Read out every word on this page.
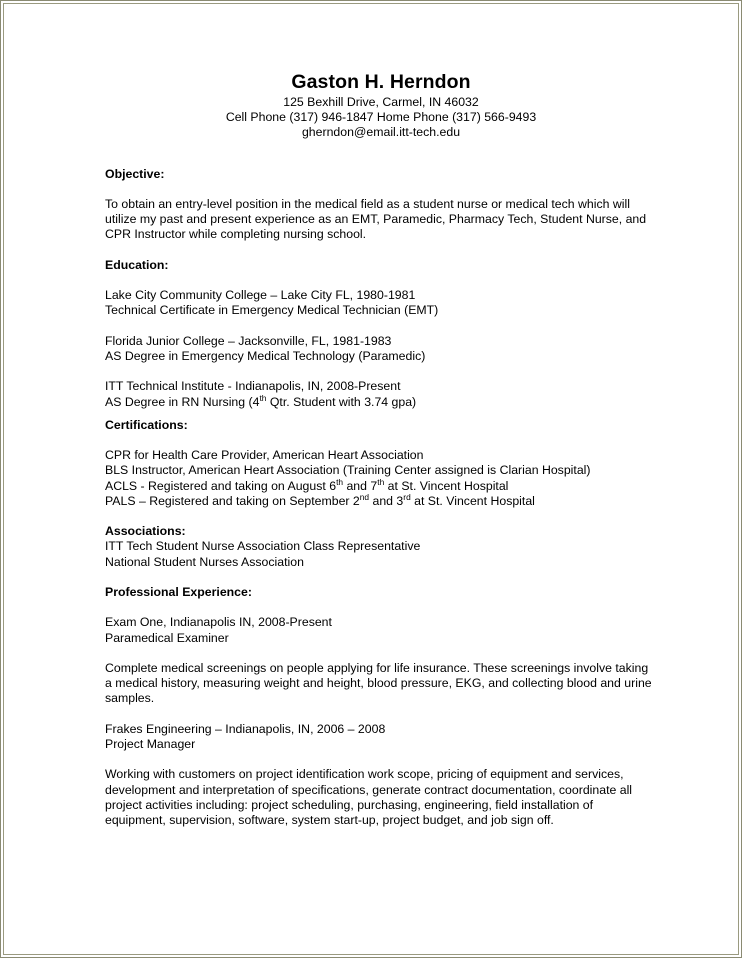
Gaston H. Herndon
125 Bexhill Drive, Carmel, IN 46032
Cell Phone (317) 946-1847 Home Phone (317) 566-9493
gherndon@email.itt-tech.edu
Objective:
To obtain an entry-level position in the medical field as a student nurse or medical tech which will utilize my past and present experience as an EMT, Paramedic, Pharmacy Tech, Student Nurse, and CPR Instructor while completing nursing school.
Education:
Lake City Community College – Lake City FL, 1980-1981
Technical Certificate in Emergency Medical Technician (EMT)
Florida Junior College – Jacksonville, FL, 1981-1983
AS Degree in Emergency Medical Technology (Paramedic)
ITT Technical Institute - Indianapolis, IN, 2008-Present
AS Degree in RN Nursing (4th Qtr. Student with 3.74 gpa)
Certifications:
CPR for Health Care Provider, American Heart Association
BLS Instructor, American Heart Association (Training Center assigned is Clarian Hospital)
ACLS - Registered and taking on August 6th and 7th at St. Vincent Hospital
PALS – Registered and taking on September 2nd and 3rd at St. Vincent Hospital
Associations:
ITT Tech Student Nurse Association Class Representative
National Student Nurses Association
Professional Experience:
Exam One, Indianapolis IN, 2008-Present
Paramedical Examiner
Complete medical screenings on people applying for life insurance. These screenings involve taking a medical history, measuring weight and height, blood pressure, EKG, and collecting blood and urine samples.
Frakes Engineering – Indianapolis, IN, 2006 – 2008
Project Manager
Working with customers on project identification work scope, pricing of equipment and services, development and interpretation of specifications, generate contract documentation, coordinate all project activities including: project scheduling, purchasing, engineering, field installation of equipment, supervision, software, system start-up, project budget, and job sign off.
